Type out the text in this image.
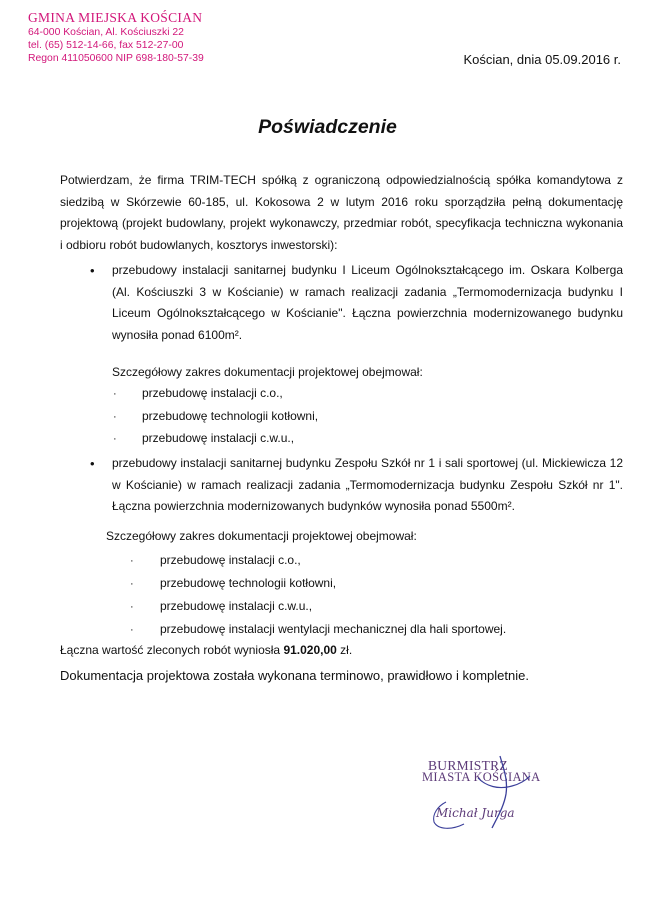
GMINA MIEJSKA KOŚCIAN
64-000 Kościan, Al. Kościuszki 22
tel. (65) 512-14-66, fax 512-27-00
Regon 411050600 NIP 698-180-57-39	Kościan, dnia 05.09.2016 r.
Poświadczenie
Potwierdzam, że firma TRIM-TECH spółką z ograniczoną odpowiedzialnością spółka komandytowa z siedzibą w Skórzewie 60-185, ul. Kokosowa 2 w lutym 2016 roku sporządziła pełną dokumentację projektową (projekt budowlany, projekt wykonawczy, przedmiar robót, specyfikacja techniczna wykonania i odbioru robót budowlanych, kosztorys inwestorski):
• przebudowy instalacji sanitarnej budynku I Liceum Ogólnokształcącego im. Oskara Kolberga (Al. Kościuszki 3 w Kościanie) w ramach realizacji zadania „Termomodernizacja budynku I Liceum Ogólnokształcącego w Kościanie". Łączna powierzchnia modernizowanego budynku wynosiła ponad 6100m².
Szczegółowy zakres dokumentacji projektowej obejmował:
· przebudowę instalacji c.o.,
· przebudowę technologii kotłowni,
· przebudowę instalacji c.w.u.,
• przebudowy instalacji sanitarnej budynku Zespołu Szkół nr 1 i sali sportowej (ul. Mickiewicza 12 w Kościanie) w ramach realizacji zadania „Termomodernizacja budynku Zespołu Szkół nr 1". Łączna powierzchnia modernizowanych budynków wynosiła ponad 5500m².
Szczegółowy zakres dokumentacji projektowej obejmował:
· przebudowę instalacji c.o.,
· przebudowę technologii kotłowni,
· przebudowę instalacji c.w.u.,
· przebudowę instalacji wentylacji mechanicznej dla hali sportowej.
Łączna wartość zleconych robót wyniosła 91.020,00 zł.
Dokumentacja projektowa została wykonana terminowo, prawidłowo i kompletnie.
BURMISTRZ
MIASTA KOŚCIANA
Michał Jurga
